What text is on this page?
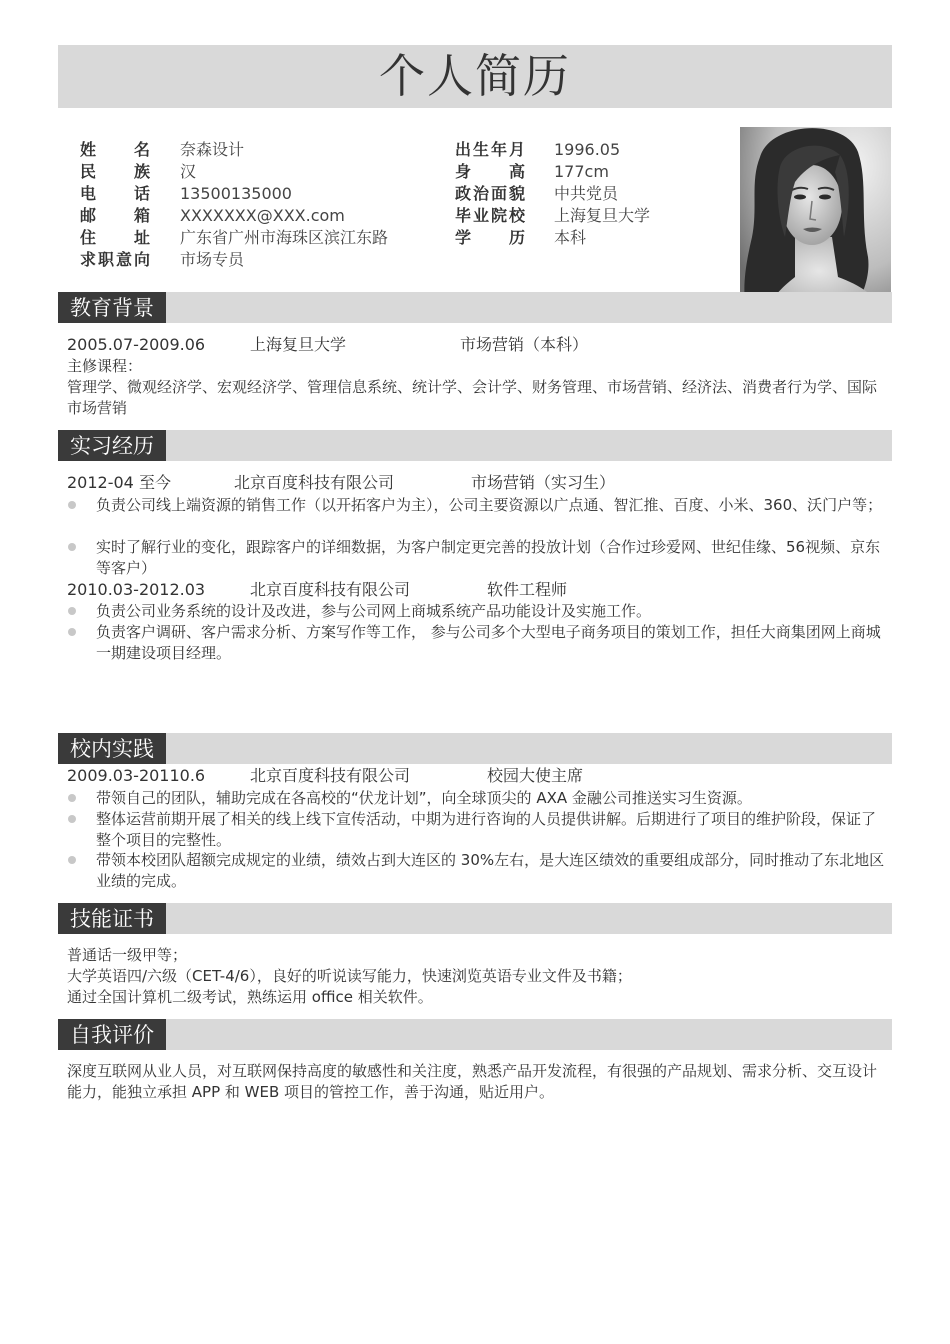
个人简历
姓 名 奈森设计	出生年月 1996.05
民 族 汉	身 高 177cm
电 话 13500135000	政治面貌 中共党员
邮 箱 XXXXXXX@XXX.com	毕业院校 上海复旦大学
住 址 广东省广州市海珠区滨江东路	学 历 本科
求职意向 市场专员
教育背景
2005.07-2009.06	上海复旦大学	市场营销（本科）
主修课程：
管理学、微观经济学、宏观经济学、管理信息系统、统计学、会计学、财务管理、市场营销、经济法、消费者行为学、国际市场营销
实习经历
2012-04 至今	北京百度科技有限公司	市场营销（实习生）
负责公司线上端资源的销售工作（以开拓客户为主），公司主要资源以广点通、智汇推、百度、小米、360、沃门户等；
实时了解行业的变化，跟踪客户的详细数据，为客户制定更完善的投放计划（合作过珍爱网、世纪佳缘、56视频、京东等客户）
2010.03-2012.03	北京百度科技有限公司	软件工程师
负责公司业务系统的设计及改进，参与公司网上商城系统产品功能设计及实施工作。
负责客户调研、客户需求分析、方案写作等工作， 参与公司多个大型电子商务项目的策划工作，担任大商集团网上商城一期建设项目经理。
校内实践
2009.03-20110.6	北京百度科技有限公司	校园大使主席
带领自己的团队，辅助完成在各高校的“伏龙计划”，向全球顶尖的 AXA 金融公司推送实习生资源。
整体运营前期开展了相关的线上线下宣传活动，中期为进行咨询的人员提供讲解。后期进行了项目的维护阶段，保证了整个项目的完整性。
带领本校团队超额完成规定的业绩，绩效占到大连区的 30%左右，是大连区绩效的重要组成部分，同时推动了东北地区业绩的完成。
技能证书
普通话一级甲等；
大学英语四/六级（CET-4/6），良好的听说读写能力，快速浏览英语专业文件及书籍；
通过全国计算机二级考试，熟练运用 office 相关软件。
自我评价
深度互联网从业人员，对互联网保持高度的敏感性和关注度，熟悉产品开发流程，有很强的产品规划、需求分析、交互设计能力，能独立承担 APP 和 WEB 项目的管控工作，善于沟通，贴近用户。
